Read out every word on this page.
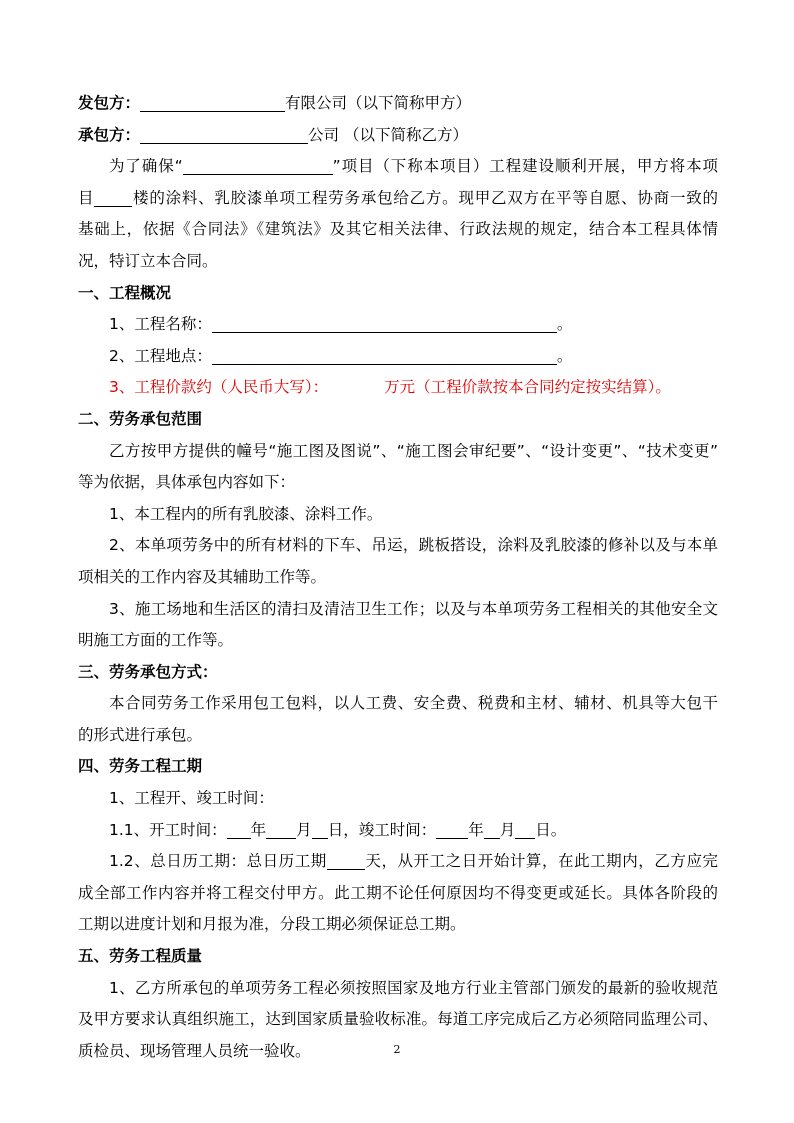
发包方：	有限公司（以下简称甲方）
承包方：	公司 （以下简称乙方）
为了确保“	”项目（下称本项目）工程建设顺利开展，甲方将本项
目 楼的涂料、乳胶漆单项工程劳务承包给乙方。现甲乙双方在平等自愿、协商一致的
基础上，依据《合同法》《建筑法》及其它相关法律、行政法规的规定，结合本工程具体情
况，特订立本合同。
一、工程概况
1、工程名称：	。
2、工程地点：	。
3、工程价款约（人民币大写）：	万元（工程价款按本合同约定按实结算）。
二、劳务承包范围
乙方按甲方提供的幢号“施工图及图说”、“施工图会审纪要”、“设计变更”、“技术变更”
等为依据，具体承包内容如下：
1、本工程内的所有乳胶漆、涂料工作。
2、本单项劳务中的所有材料的下车、吊运，跳板搭设，涂料及乳胶漆的修补以及与本单
项相关的工作内容及其辅助工作等。
3、施工场地和生活区的清扫及清洁卫生工作；以及与本单项劳务工程相关的其他安全文
明施工方面的工作等。
三、劳务承包方式：
本合同劳务工作采用包工包料，以人工费、安全费、税费和主材、辅材、机具等大包干
的形式进行承包。
四、劳务工程工期
1、工程开、竣工时间：
1.1、开工时间： 年 月 日，竣工时间： 年 月 日。
1.2、总日历工期：总日历工期 天，从开工之日开始计算，在此工期内，乙方应完
成全部工作内容并将工程交付甲方。此工期不论任何原因均不得变更或延长。具体各阶段的
工期以进度计划和月报为准，分段工期必须保证总工期。
五、劳务工程质量
1、乙方所承包的单项劳务工程必须按照国家及地方行业主管部门颁发的最新的验收规范
及甲方要求认真组织施工，达到国家质量验收标准。每道工序完成后乙方必须陪同监理公司、
质检员、现场管理人员统一验收。	2
